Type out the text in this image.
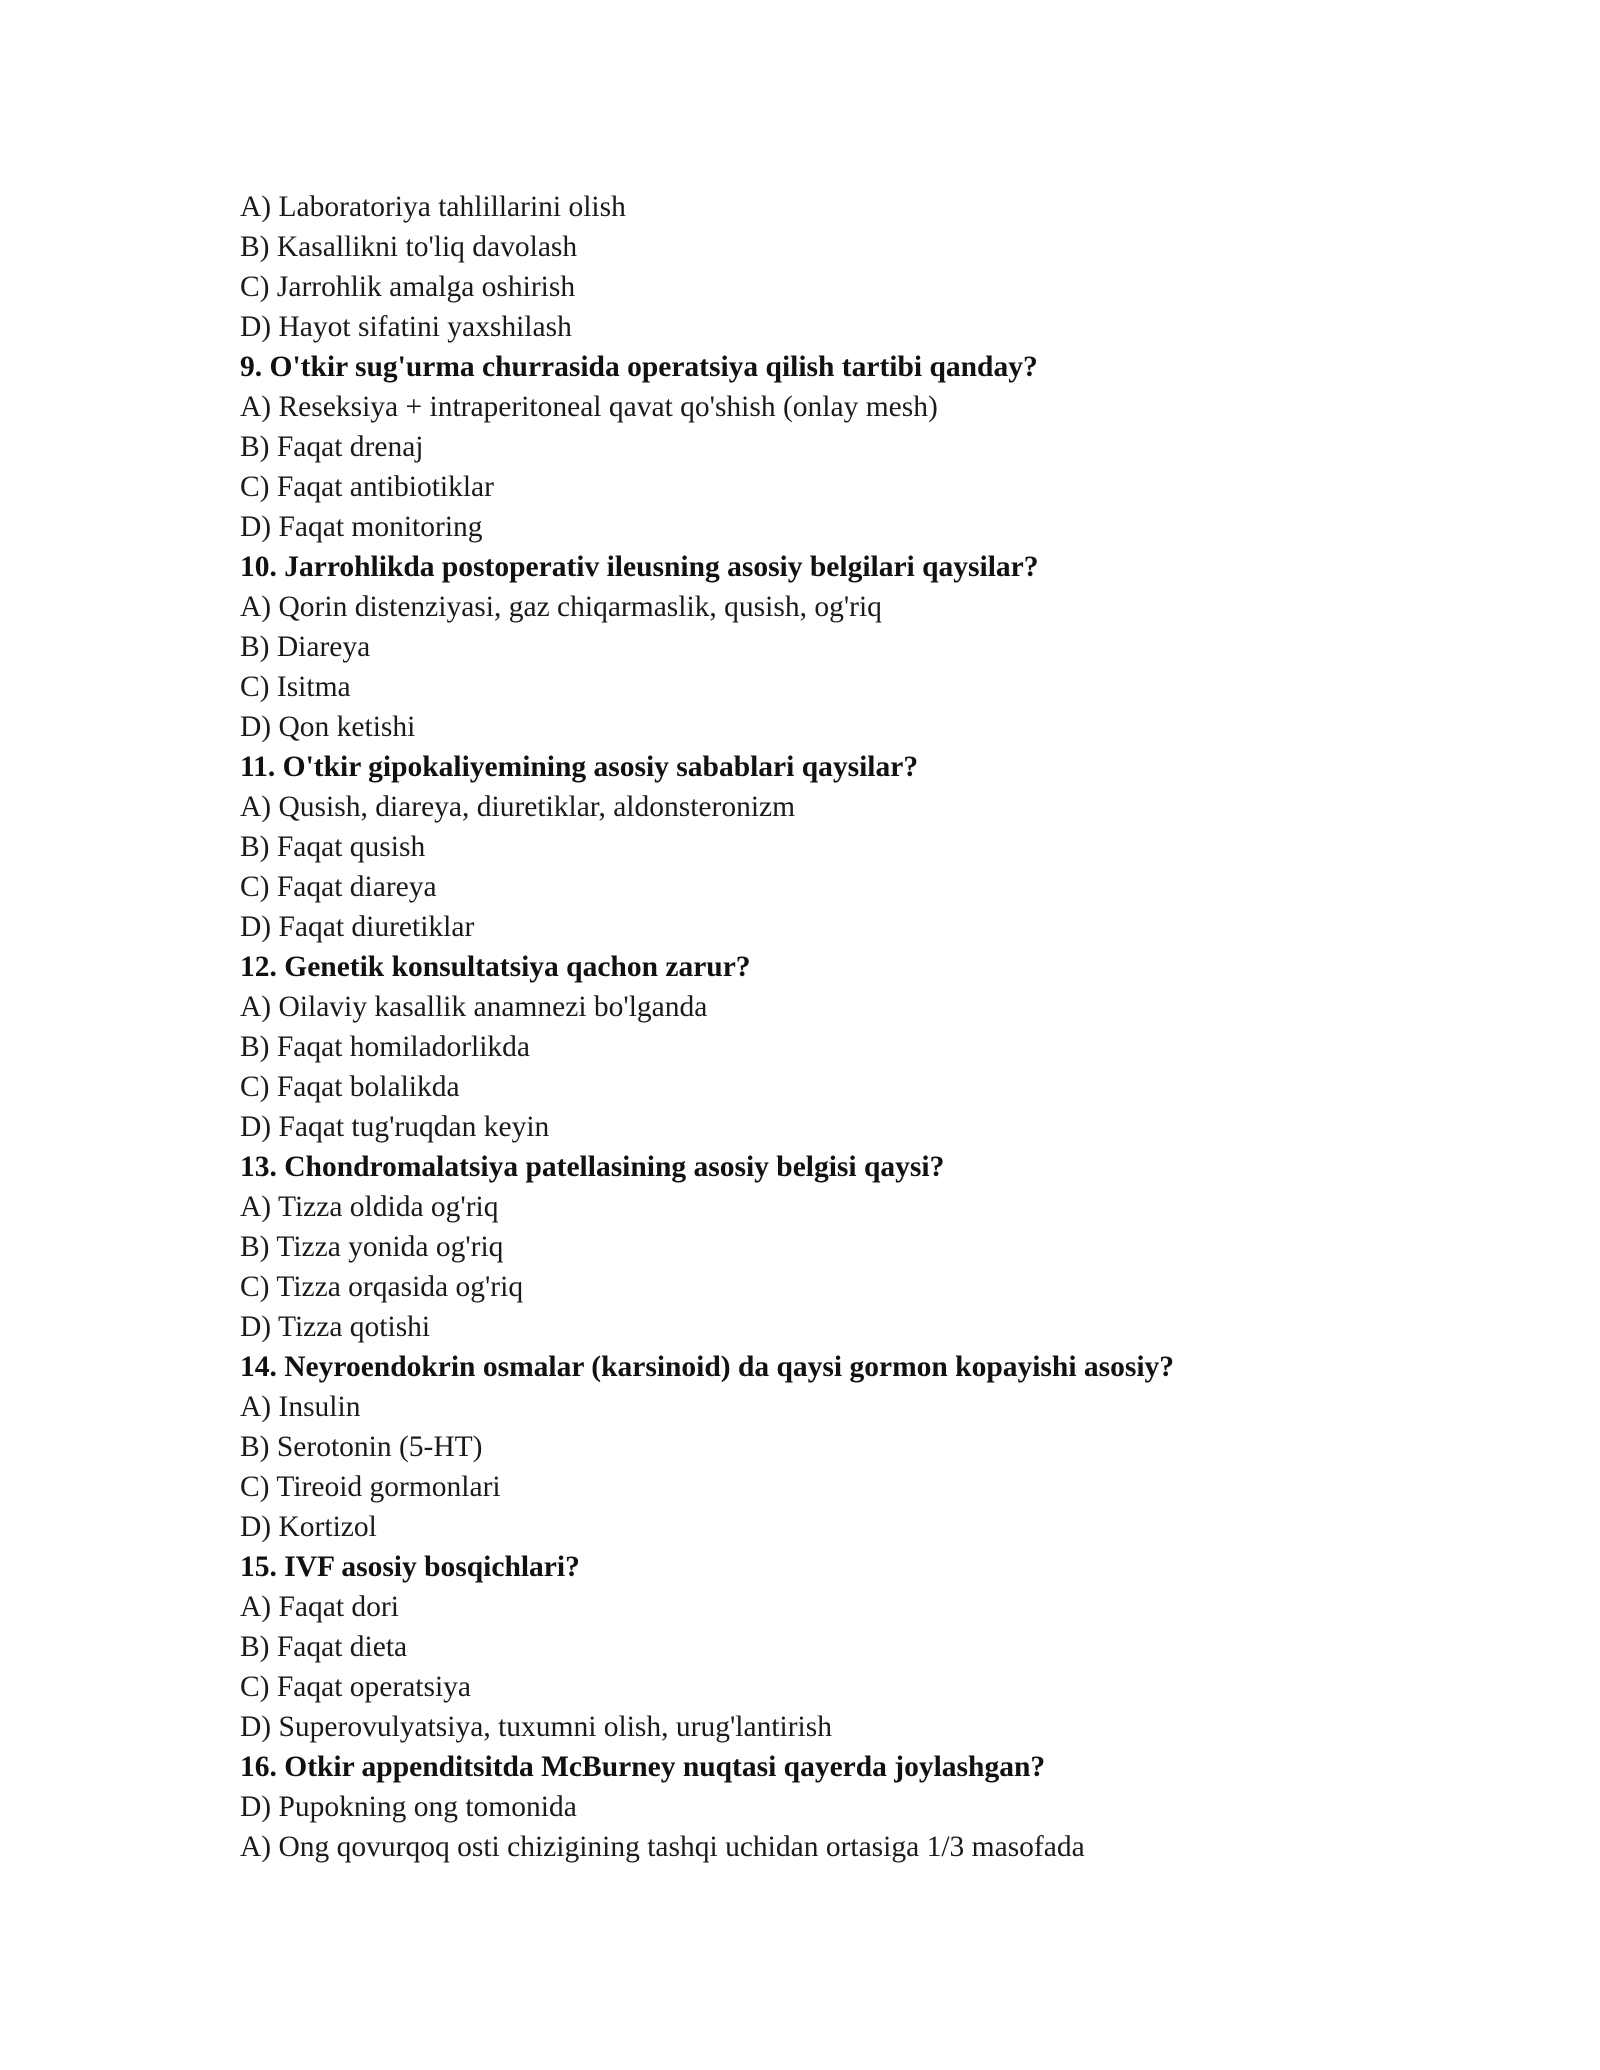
A) Laboratoriya tahlillarini olish
B) Kasallikni to'liq davolash
C) Jarrohlik amalga oshirish
D) Hayot sifatini yaxshilash
9. O'tkir sug'urma churrasida operatsiya qilish tartibi qanday?
A) Reseksiya + intraperitoneal qavat qo'shish (onlay mesh)
B) Faqat drenaj
C) Faqat antibiotiklar
D) Faqat monitoring
10. Jarrohlikda postoperativ ileusning asosiy belgilari qaysilar?
A) Qorin distenziyasi, gaz chiqarmaslik, qusish, og'riq
B) Diareya
C) Isitma
D) Qon ketishi
11. O'tkir gipokaliyemining asosiy sabablari qaysilar?
A) Qusish, diareya, diuretiklar, aldonsteronizm
B) Faqat qusish
C) Faqat diareya
D) Faqat diuretiklar
12. Genetik konsultatsiya qachon zarur?
A) Oilaviy kasallik anamnezi bo'lganda
B) Faqat homiladorlikda
C) Faqat bolalikda
D) Faqat tug'ruqdan keyin
13. Chondromalatsiya patellasining asosiy belgisi qaysi?
A) Tizza oldida og'riq
B) Tizza yonida og'riq
C) Tizza orqasida og'riq
D) Tizza qotishi
14. Neyroendokrin osmalar (karsinoid) da qaysi gormon kopayishi asosiy?
A) Insulin
B) Serotonin (5-HT)
C) Tireoid gormonlari
D) Kortizol
15. IVF asosiy bosqichlari?
A) Faqat dori
B) Faqat dieta
C) Faqat operatsiya
D) Superovulyatsiya, tuxumni olish, urug'lantirish
16. Otkir appenditsitda McBurney nuqtasi qayerda joylashgan?
D) Pupokning ong tomonida
A) Ong qovurqoq osti chizigining tashqi uchidan ortasiga 1/3 masofada
